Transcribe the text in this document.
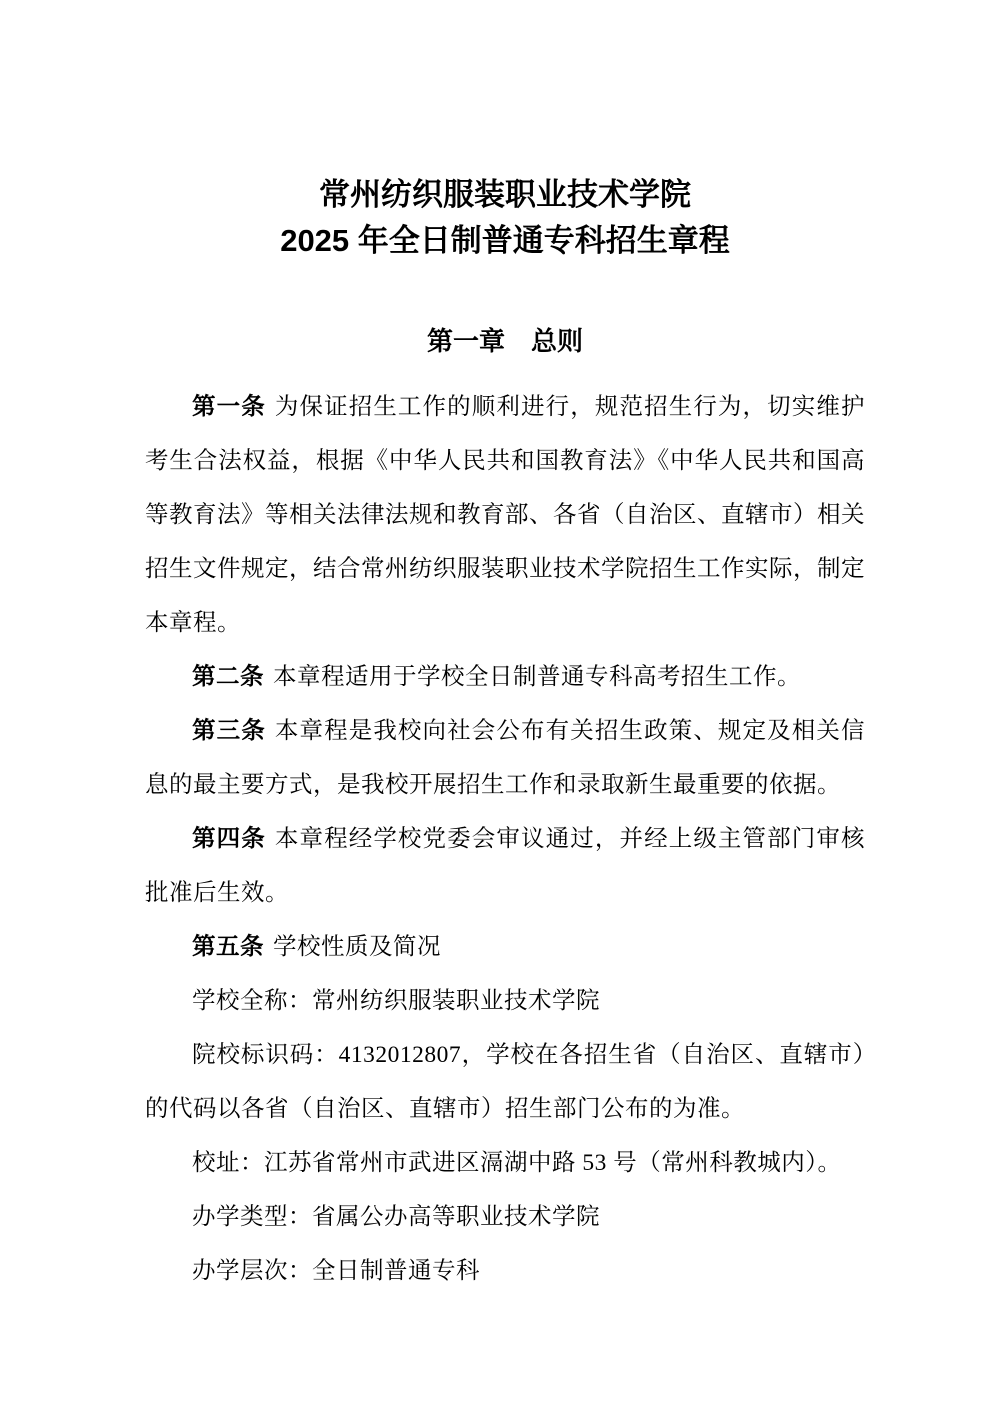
常州纺织服装职业技术学院
2025 年全日制普通专科招生章程
第一章　总则

第一条 为保证招生工作的顺利进行，规范招生行为，切实维护考生合法权益，根据《中华人民共和国教育法》《中华人民共和国高等教育法》等相关法律法规和教育部、各省（自治区、直辖市）相关招生文件规定，结合常州纺织服装职业技术学院招生工作实际，制定本章程。

第二条 本章程适用于学校全日制普通专科高考招生工作。

第三条 本章程是我校向社会公布有关招生政策、规定及相关信息的最主要方式，是我校开展招生工作和录取新生最重要的依据。

第四条 本章程经学校党委会审议通过，并经上级主管部门审核批准后生效。

第五条 学校性质及简况

学校全称：常州纺织服装职业技术学院

院校标识码：4132012807，学校在各招生省（自治区、直辖市）的代码以各省（自治区、直辖市）招生部门公布的为准。

校址：江苏省常州市武进区滆湖中路 53 号（常州科教城内）。

办学类型：省属公办高等职业技术学院

办学层次：全日制普通专科
